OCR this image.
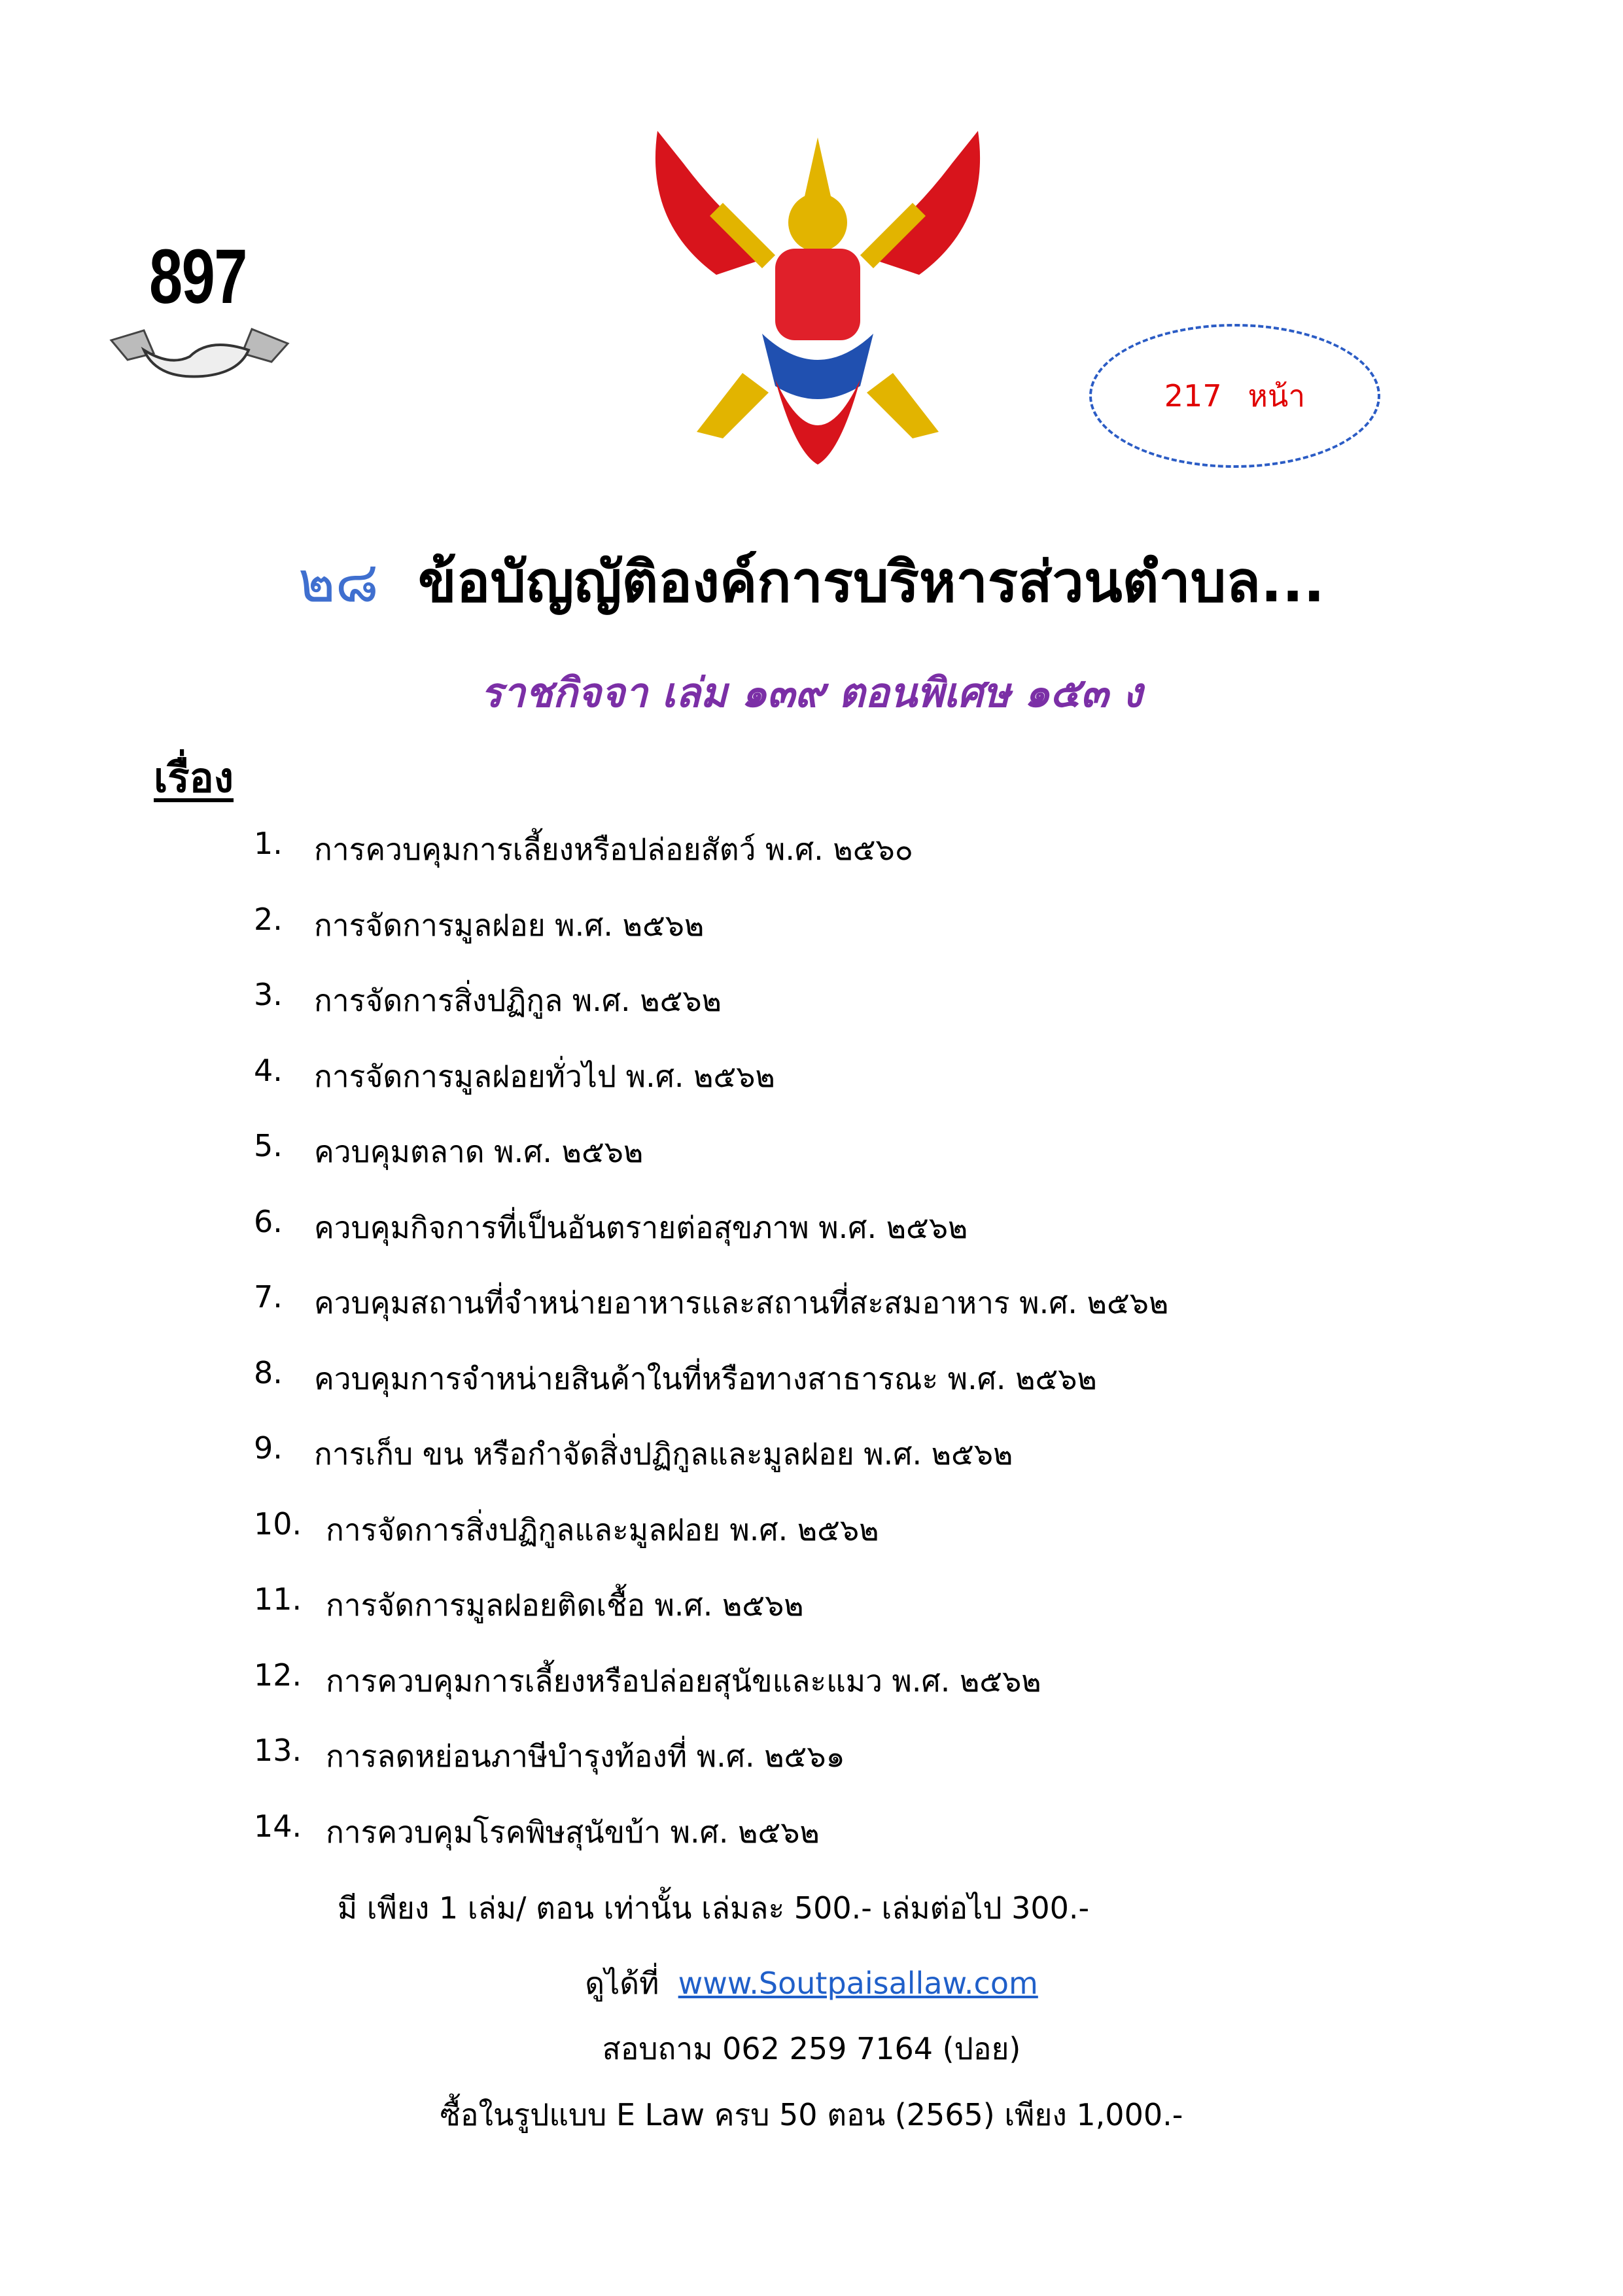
897
217 หน้า
๒๘ ข้อบัญญัติองค์การบริหารส่วนตำบล...
ราชกิจจา เล่ม ๑๓๙ ตอนพิเศษ ๑๕๓ ง
เรื่อง
1.	การควบคุมการเลี้ยงหรือปล่อยสัตว์ พ.ศ. ๒๕๖๐
2.	การจัดการมูลฝอย พ.ศ. ๒๕๖๒
3.	การจัดการสิ่งปฏิกูล พ.ศ. ๒๕๖๒
4.	การจัดการมูลฝอยทั่วไป พ.ศ. ๒๕๖๒
5.	ควบคุมตลาด พ.ศ. ๒๕๖๒
6.	ควบคุมกิจการที่เป็นอันตรายต่อสุขภาพ พ.ศ. ๒๕๖๒
7.	ควบคุมสถานที่จำหน่ายอาหารและสถานที่สะสมอาหาร พ.ศ. ๒๕๖๒
8.	ควบคุมการจำหน่ายสินค้าในที่หรือทางสาธารณะ พ.ศ. ๒๕๖๒
9.	การเก็บ ขน หรือกำจัดสิ่งปฏิกูลและมูลฝอย พ.ศ. ๒๕๖๒
10. การจัดการสิ่งปฏิกูลและมูลฝอย พ.ศ. ๒๕๖๒
11. การจัดการมูลฝอยติดเชื้อ พ.ศ. ๒๕๖๒
12. การควบคุมการเลี้ยงหรือปล่อยสุนัขและแมว พ.ศ. ๒๕๖๒
13. การลดหย่อนภาษีบำรุงท้องที่ พ.ศ. ๒๕๖๑
14. การควบคุมโรคพิษสุนัขบ้า พ.ศ. ๒๕๖๒
มี เพียง 1 เล่ม/ ตอน เท่านั้น เล่มละ 500.- เล่มต่อไป 300.-
ดูได้ที่ www.Soutpaisallaw.com
สอบถาม 062 259 7164 (ปอย)
ซื้อในรูปแบบ E Law ครบ 50 ตอน (2565) เพียง 1,000.-
